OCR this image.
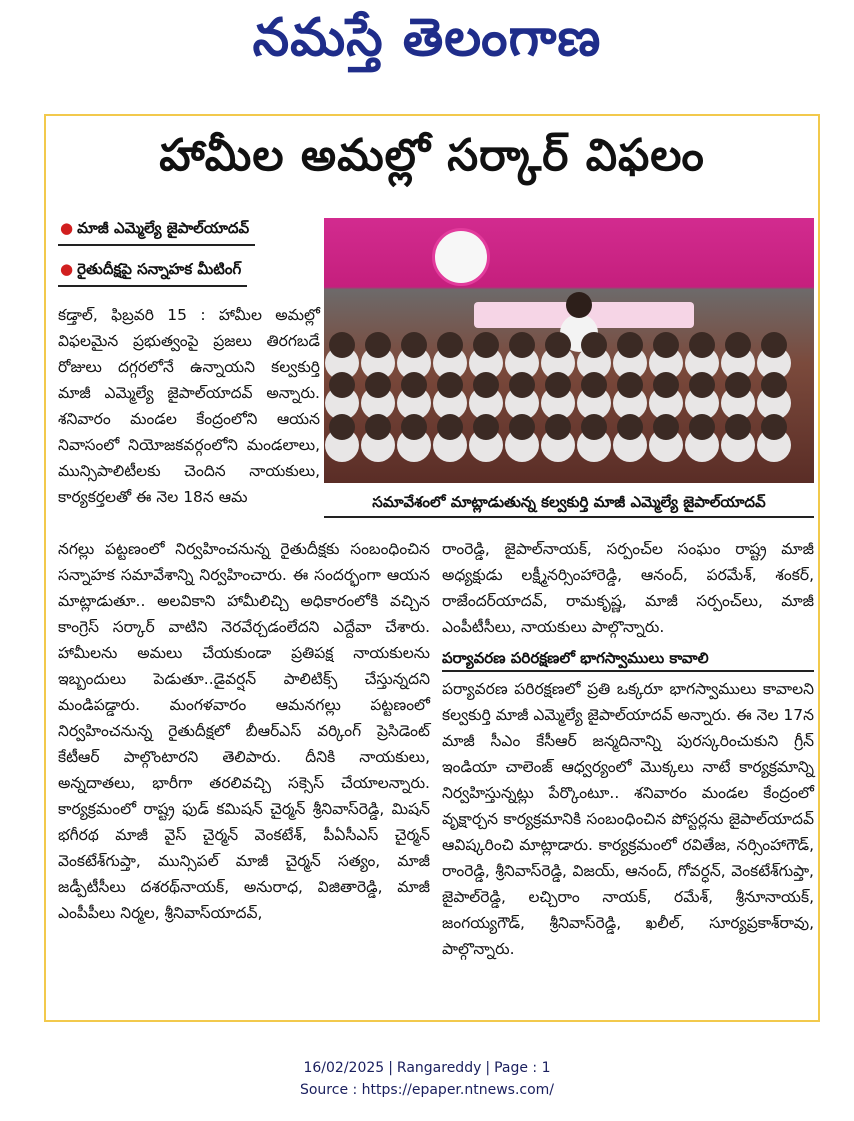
నమస్తే తెలంగాణ
హామీల అమల్లో సర్కార్‌ విఫలం
● మాజీ ఎమ్మెల్యే జైపాల్‌యాదవ్‌
● రైతుదీక్షపై సన్నాహక మీటింగ్‌
సమావేశంలో మాట్లాడుతున్న కల్వకుర్తి మాజీ ఎమ్మెల్యే జైపాల్‌యాదవ్‌
కడ్తాల్‌, ఫిబ్రవరి 15 : హామీల అమల్లో విఫలమైన ప్రభుత్వంపై ప్రజలు తిరగబడే రోజులు దగ్గరలోనే ఉన్నాయని కల్వకుర్తి మాజీ ఎమ్మెల్యే జైపాల్‌యాదవ్‌ అన్నారు. శనివారం మండల కేంద్రంలోని ఆయన నివాసంలో నియోజకవర్గంలోని మండలాలు, మున్సిపాలిటీలకు చెందిన నాయకులు, కార్యకర్తలతో ఈ నెల 18న ఆమ
నగల్లు పట్టణంలో నిర్వహించనున్న రైతుదీక్షకు సంబంధించిన సన్నాహక సమావేశాన్ని నిర్వహించారు. ఈ సందర్భంగా ఆయన మాట్లాడుతూ.. అలవికాని హామీలిచ్చి అధికారంలోకి వచ్చిన కాంగ్రెస్‌ సర్కార్‌ వాటిని నెరవేర్చడంలేదని ఎద్దేవా చేశారు. హామీలను అమలు చేయకుండా ప్రతిపక్ష నాయకులను ఇబ్బందులు పెడుతూ..డైవర్షన్‌ పాలిటిక్స్‌ చేస్తున్నదని మండిపడ్డారు. మంగళవారం ఆమనగల్లు పట్టణంలో నిర్వహించనున్న రైతుదీక్షలో బీఆర్‌ఎస్‌ వర్కింగ్‌ ప్రెసిడెంట్‌ కేటీఆర్‌ పాల్గొంటారని తెలిపారు. దీనికి నాయకులు, అన్నదాతలు, భారీగా తరలివచ్చి సక్సెస్‌ చేయాలన్నారు. కార్యక్రమంలో రాష్ట్ర ఫుడ్‌ కమిషన్‌ చైర్మన్‌ శ్రీనివాస్‌రెడ్డి, మిషన్‌ భగీరథ మాజీ వైస్‌ చైర్మన్‌ వెంకటేశ్‌, పీఏసీఎస్‌ చైర్మన్‌ వెంకటేశ్‌గుప్తా, మున్సిపల్‌ మాజీ చైర్మన్‌ సత్యం, మాజీ జడ్పీటీసీలు దశరథ్‌నాయక్‌, అనురాధ, విజితారెడ్డి, మాజీ ఎంపీపీలు నిర్మల, శ్రీనివాస్‌యాదవ్‌,
రాంరెడ్డి, జైపాల్‌నాయక్‌, సర్పంచ్‌ల సంఘం రాష్ట్ర మాజీ అధ్యక్షుడు లక్ష్మీనర్సింహారెడ్డి, ఆనంద్‌, పరమేశ్‌, శంకర్‌, రాజేందర్‌యాదవ్‌, రామకృష్ణ, మాజీ సర్పంచ్‌లు, మాజీ ఎంపీటీసీలు, నాయకులు పాల్గొన్నారు.
పర్యావరణ పరిరక్షణలో భాగస్వాములు కావాలి
పర్యావరణ పరిరక్షణలో ప్రతి ఒక్కరూ భాగస్వాములు కావాలని కల్వకుర్తి మాజీ ఎమ్మెల్యే జైపాల్‌యాదవ్‌ అన్నారు. ఈ నెల 17న మాజీ సీఎం కేసీఆర్‌ జన్మదినాన్ని పురస్కరించుకుని గ్రీన్‌ ఇండియా చాలెంజ్‌ ఆధ్వర్యంలో మొక్కలు నాటే కార్యక్రమాన్ని నిర్వహిస్తున్నట్లు పేర్కొంటూ.. శనివారం మండల కేంద్రంలో వృక్షార్చన కార్యక్రమానికి సంబంధించిన పోస్టర్లను జైపాల్‌యాదవ్‌ ఆవిష్కరించి మాట్లాడారు. కార్యక్రమంలో రవితేజ, నర్సింహాగౌడ్‌, రాంరెడ్డి, శ్రీనివాస్‌రెడ్డి, విజయ్‌, ఆనంద్‌, గోవర్ధన్‌, వెంకటేశ్‌గుప్తా, జైపాల్‌రెడ్డి, లచ్చిరాం నాయక్‌, రమేశ్‌, శ్రీనూనాయక్‌, జంగయ్యగౌడ్‌, శ్రీనివాస్‌రెడ్డి, ఖలీల్‌, సూర్యప్రకాశ్‌రావు, పాల్గొన్నారు.
16/02/2025 | Rangareddy | Page : 1
Source : https://epaper.ntnews.com/
